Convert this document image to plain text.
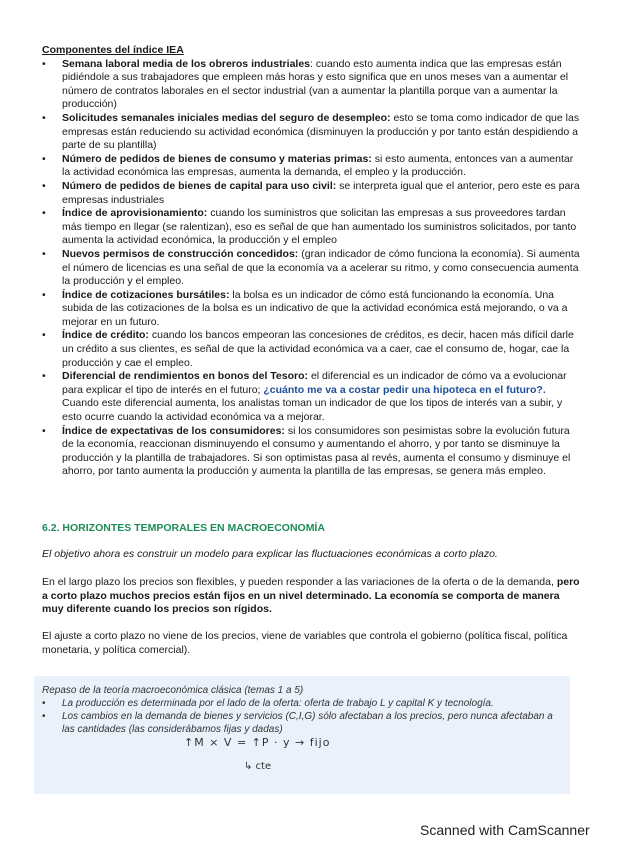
Componentes del índice IEA
• Semana laboral media de los obreros industriales: cuando esto aumenta indica que las empresas están pidiéndole a sus trabajadores que empleen más horas y esto significa que en unos meses van a aumentar el número de contratos laborales en el sector industrial (van a aumentar la plantilla porque van a aumentar la producción)
• Solicitudes semanales iniciales medias del seguro de desempleo: esto se toma como indicador de que las empresas están reduciendo su actividad económica (disminuyen la producción y por tanto están despidiendo a parte de su plantilla)
• Número de pedidos de bienes de consumo y materias primas: si esto aumenta, entonces van a aumentar la actividad económica las empresas, aumenta la demanda, el empleo y la producción.
• Número de pedidos de bienes de capital para uso civil: se interpreta igual que el anterior, pero este es para empresas industriales
• Índice de aprovisionamiento: cuando los suministros que solicitan las empresas a sus proveedores tardan más tiempo en llegar (se ralentizan), eso es señal de que han aumentado los suministros solicitados, por tanto aumenta la actividad económica, la producción y el empleo
• Nuevos permisos de construcción concedidos: (gran indicador de cómo funciona la economía). Si aumenta el número de licencias es una señal de que la economía va a acelerar su ritmo, y como consecuencia aumenta la producción y el empleo.
• Índice de cotizaciones bursátiles: la bolsa es un indicador de cómo está funcionando la economía. Una subida de las cotizaciones de la bolsa es un indicativo de que la actividad económica está mejorando, o va a mejorar en un futuro.
• Índice de crédito: cuando los bancos empeoran las concesiones de créditos, es decir, hacen más difícil darle un crédito a sus clientes, es señal de que la actividad económica va a caer, cae el consumo de, hogar, cae la producción y cae el empleo.
• Diferencial de rendimientos en bonos del Tesoro: el diferencial es un indicador de cómo va a evolucionar para explicar el tipo de interés en el futuro; ¿cuánto me va a costar pedir una hipoteca en el futuro?. Cuando este diferencial aumenta, los analistas toman un indicador de que los tipos de interés van a subir, y esto ocurre cuando la actividad económica va a mejorar.
• Índice de expectativas de los consumidores: si los consumidores son pesimistas sobre la evolución futura de la economía, reaccionan disminuyendo el consumo y aumentando el ahorro, y por tanto se disminuye la producción y la plantilla de trabajadores. Si son optimistas pasa al revés, aumenta el consumo y disminuye el ahorro, por tanto aumenta la producción y aumenta la plantilla de las empresas, se genera más empleo.
6.2. HORIZONTES TEMPORALES EN MACROECONOMÍA
El objetivo ahora es construir un modelo para explicar las fluctuaciones económicas a corto plazo.
En el largo plazo los precios son flexibles, y pueden responder a las variaciones de la oferta o de la demanda, pero a corto plazo muchos precios están fijos en un nivel determinado. La economía se comporta de manera muy diferente cuando los precios son rígidos.
El ajuste a corto plazo no viene de los precios, viene de variables que controla el gobierno (política fiscal, política monetaria, y política comercial).
Repaso de la teoría macroeconómica clásica (temas 1 a 5)
• La producción es determinada por el lado de la oferta: oferta de trabajo L y capital K y tecnología.
• Los cambios en la demanda de bienes y servicios (C,I,G) sólo afectaban a los precios, pero nunca afectaban a las cantidades (las considerábamos fijas y dadas)
↑M × V = ↑P · y → fijo
↳ cte
Scanned with CamScanner
